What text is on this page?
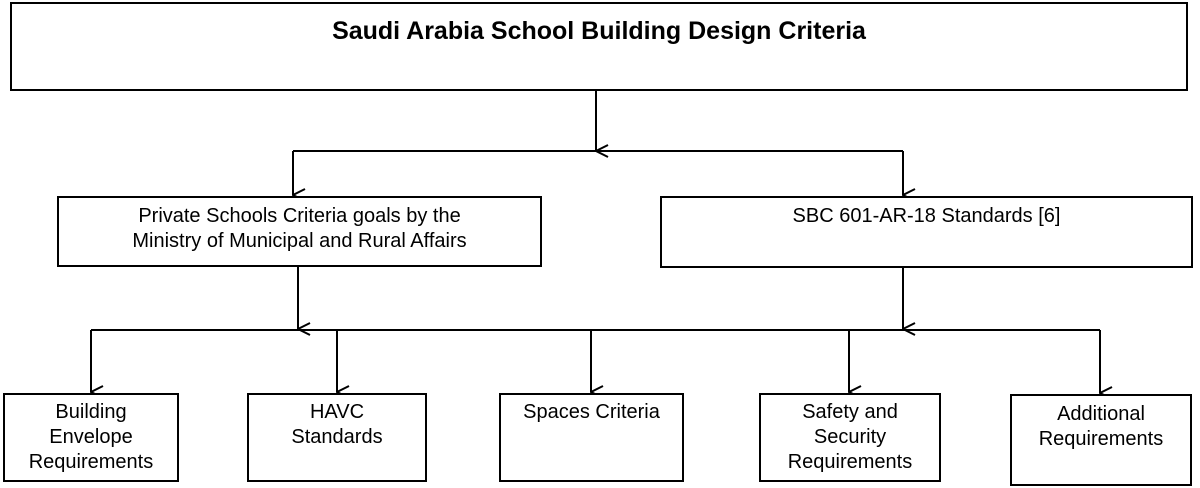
Saudi Arabia School Building Design Criteria
Private Schools Criteria goals by the
Ministry of Municipal and Rural Affairs
SBC 601-AR-18 Standards [6]
Building
Envelope
Requirements
HAVC
Standards
Spaces Criteria	Safety and
Security
Requirements
Additional
Requirements
